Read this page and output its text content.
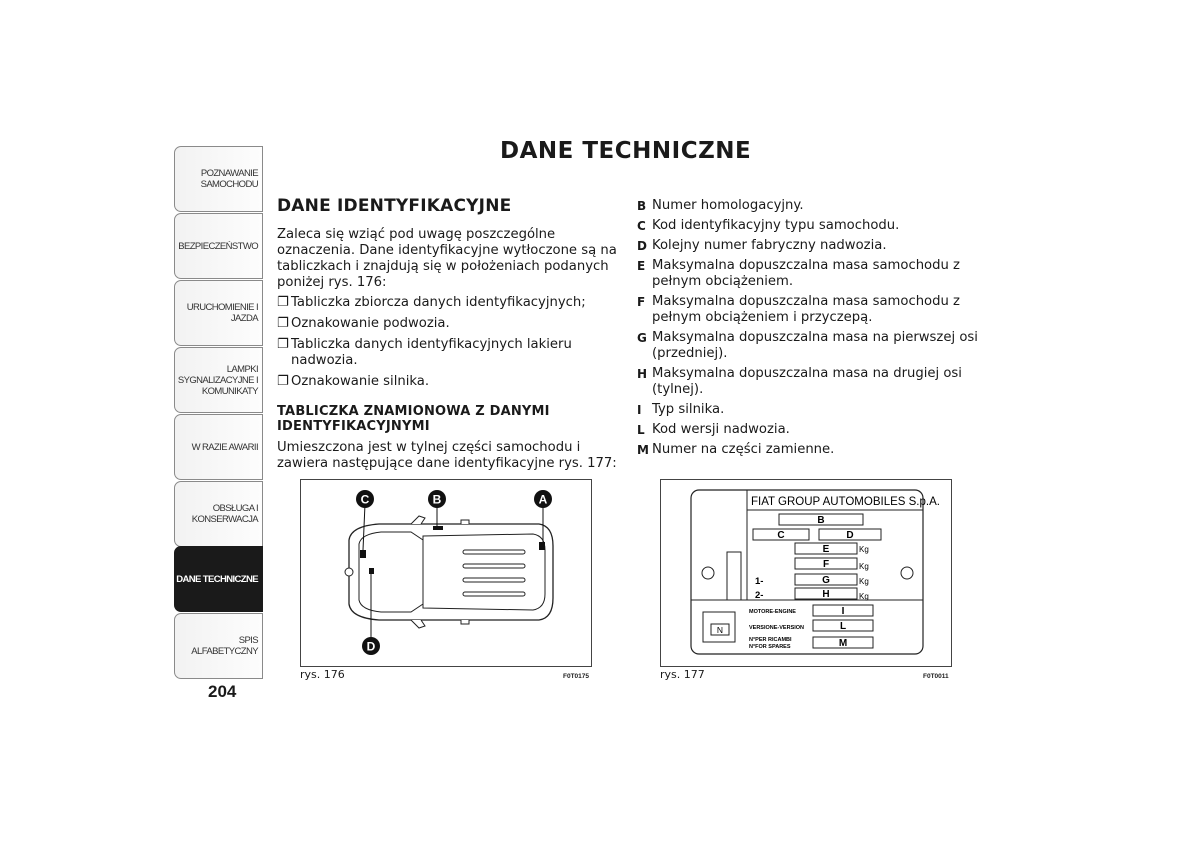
POZNAWANIE SAMOCHODU
BEZPIECZEŃSTWO
URUCHOMIENIE I JAZDA
LAMPKI SYGNALIZACYJNE I KOMUNIKATY
W RAZIE AWARII
OBSŁUGA I KONSERWACJA
DANE TECHNICZNE
SPIS ALFABETYCZNY
204
DANE TECHNICZNE
DANE IDENTYFIKACYJNE

Zaleca się wziąć pod uwagę poszczególne oznaczenia. Dane identyfikacyjne wytłoczone są na tabliczkach i znajdują się w położeniach podanych poniżej rys. 176:

❐ Tabliczka zbiorcza danych identyfikacyjnych;
❐ Oznakowanie podwozia.
❐ Tabliczka danych identyfikacyjnych lakieru nadwozia.
❐ Oznakowanie silnika.
TABLICZKA ZNAMIONOWA Z DANYMI IDENTYFIKACYJNYMI

Umieszczona jest w tylnej części samochodu i zawiera następujące dane identyfikacyjne rys. 177:

B Numer homologacyjny.
C Kod identyfikacyjny typu samochodu.
D Kolejny numer fabryczny nadwozia.
E Maksymalna dopuszczalna masa samochodu z pełnym obciążeniem.
F Maksymalna dopuszczalna masa samochodu z pełnym obciążeniem i przyczepą.
G Maksymalna dopuszczalna masa na pierwszej osi (przedniej).
H Maksymalna dopuszczalna masa na drugiej osi (tylnej).
I Typ silnika.
L Kod wersji nadwozia.
M Numer na części zamienne.
A
B
C
D
rys. 176	F0T0175
FIAT GROUP AUTOMOBILES S.p.A.
B
C	D
E	Kg
F	Kg
1-	G	Kg
2-	H	Kg
N
MOTORE-ENGINE	I
VERSIONE-VERSION	L
N°PER RICAMBI
N°FOR SPARES	M
rys. 177	F0T0011
